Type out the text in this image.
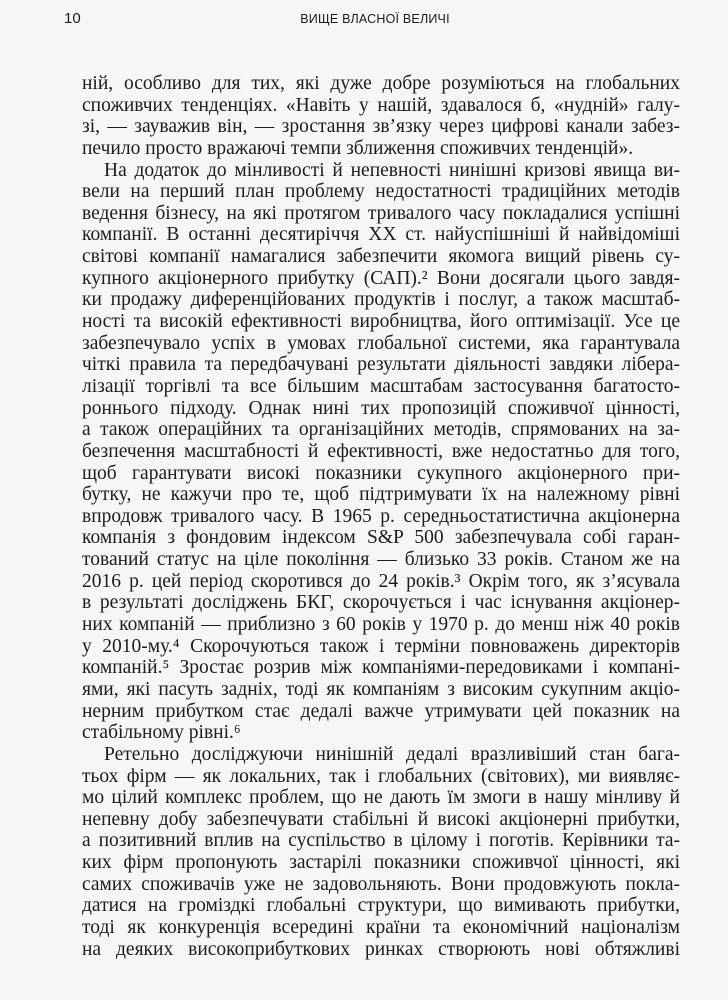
10	ВИЩЕ ВЛАСНОЇ ВЕЛИЧІ
ній, особливо для тих, які дуже добре розуміються на глобальних
споживчих тенденціях. «Навіть у нашій, здавалося б, «нудній» галу-
зі, — зауважив він, — зростання зв’язку через цифрові канали забез-
печило просто вражаючі темпи зближення споживчих тенденцій».
На додаток до мінливості й непевності нинішні кризові явища ви-
вели на перший план проблему недостатності традиційних методів
ведення бізнесу, на які протягом тривалого часу покладалися успішні
компанії. В останні десятиріччя XX ст. найуспішніші й найвідоміші
світові компанії намагалися забезпечити якомога вищий рівень су-
купного акціонерного прибутку (САП).² Вони досягали цього завдя-
ки продажу диференційованих продуктів і послуг, а також масштаб-
ності та високій ефективності виробництва, його оптимізації. Усе це
забезпечувало успіх в умовах глобальної системи, яка гарантувала
чіткі правила та передбачувані результати діяльності завдяки лібера-
лізації торгівлі та все більшим масштабам застосування багатосто-
роннього підходу. Однак нині тих пропозицій споживчої цінності,
а також операційних та організаційних методів, спрямованих на за-
безпечення масштабності й ефективності, вже недостатньо для того,
щоб гарантувати високі показники сукупного акціонерного при-
бутку, не кажучи про те, щоб підтримувати їх на належному рівні
впродовж тривалого часу. В 1965 р. середньостатистична акціонерна
компанія з фондовим індексом S&P 500 забезпечувала собі гаран-
тований статус на ціле покоління — близько 33 років. Станом же на
2016 р. цей період скоротився до 24 років.³ Окрім того, як з’ясувала
в результаті досліджень БКГ, скорочується і час існування акціонер-
них компаній — приблизно з 60 років у 1970 р. до менш ніж 40 років
у 2010-му.⁴ Скорочуються також і терміни повноважень директорів
компаній.⁵ Зростає розрив між компаніями-передовиками і компані-
ями, які пасуть задніх, тоді як компаніям з високим сукупним акціо-
нерним прибутком стає дедалі важче утримувати цей показник на
стабільному рівні.⁶
Ретельно досліджуючи нинішній дедалі вразливіший стан бага-
тьох фірм — як локальних, так і глобальних (світових), ми виявляє-
мо цілий комплекс проблем, що не дають їм змоги в нашу мінливу й
непевну добу забезпечувати стабільні й високі акціонерні прибутки,
а позитивний вплив на суспільство в цілому і поготів. Керівники та-
ких фірм пропонують застарілі показники споживчої цінності, які
самих споживачів уже не задовольняють. Вони продовжують покла-
датися на громіздкі глобальні структури, що вимивають прибутки,
тоді як конкуренція всередині країни та економічний націоналізм
на деяких високоприбуткових ринках створюють нові обтяжливі
